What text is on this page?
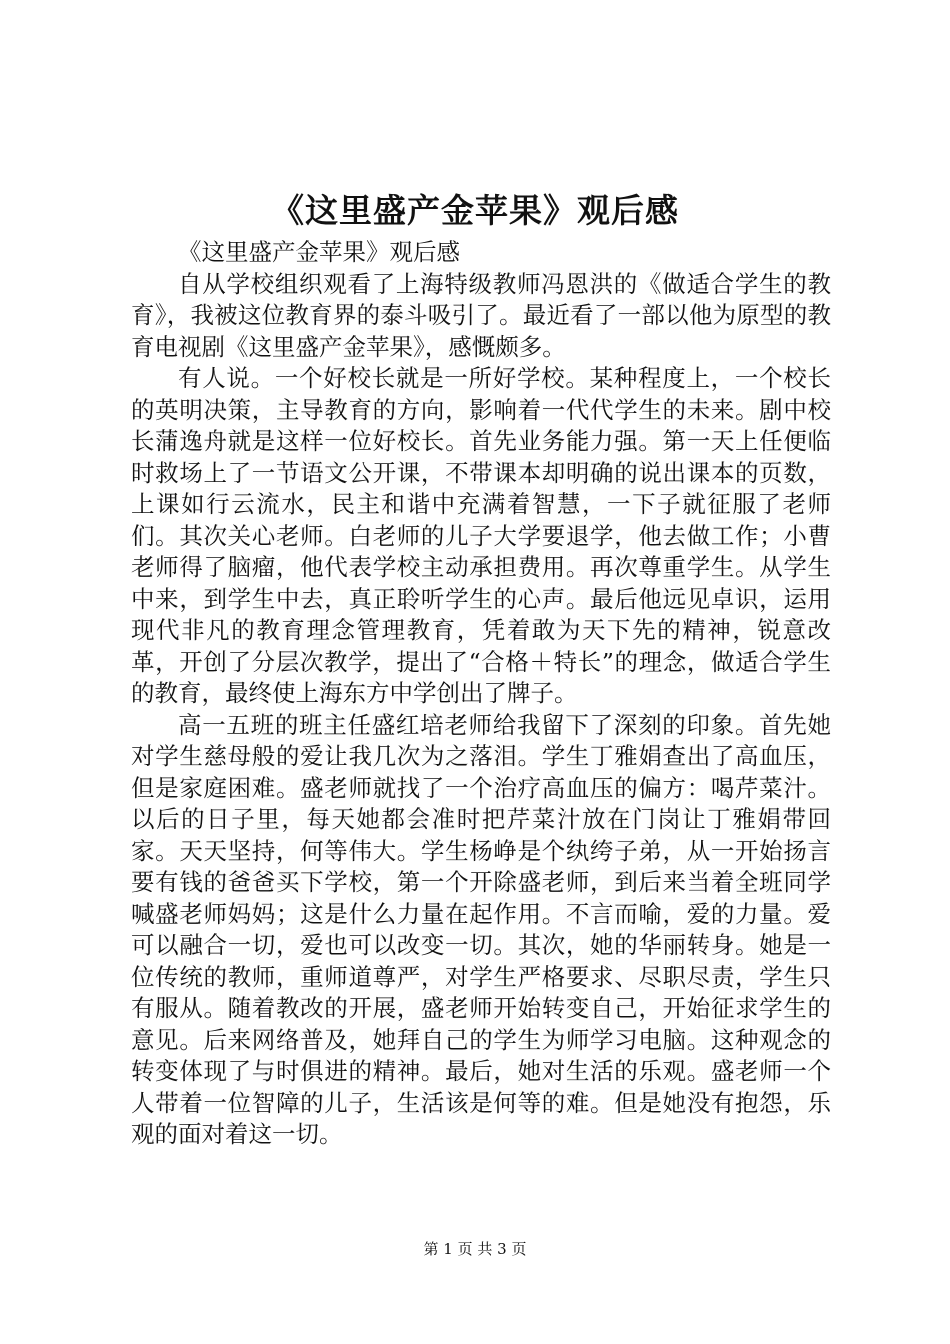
《这里盛产金苹果》观后感

《这里盛产金苹果》观后感

自从学校组织观看了上海特级教师冯恩洪的《做适合学生的教育》，我被这位教育界的泰斗吸引了。最近看了一部以他为原型的教育电视剧《这里盛产金苹果》，感慨颇多。

有人说。一个好校长就是一所好学校。某种程度上，一个校长的英明决策，主导教育的方向，影响着一代代学生的未来。剧中校长蒲逸舟就是这样一位好校长。首先业务能力强。第一天上任便临时救场上了一节语文公开课，不带课本却明确的说出课本的页数，上课如行云流水，民主和谐中充满着智慧，一下子就征服了老师们。其次关心老师。白老师的儿子大学要退学，他去做工作；小曹老师得了脑瘤，他代表学校主动承担费用。再次尊重学生。从学生中来，到学生中去，真正聆听学生的心声。最后他远见卓识，运用现代非凡的教育理念管理教育，凭着敢为天下先的精神，锐意改革，开创了分层次教学，提出了“合格＋特长”的理念，做适合学生的教育，最终使上海东方中学创出了牌子。

高一五班的班主任盛红培老师给我留下了深刻的印象。首先她对学生慈母般的爱让我几次为之落泪。学生丁雅娟查出了高血压，但是家庭困难。盛老师就找了一个治疗高血压的偏方：喝芹菜汁。以后的日子里，每天她都会准时把芹菜汁放在门岗让丁雅娟带回家。天天坚持，何等伟大。学生杨峥是个纨绔子弟，从一开始扬言要有钱的爸爸买下学校，第一个开除盛老师，到后来当着全班同学喊盛老师妈妈；这是什么力量在起作用。不言而喻，爱的力量。爱可以融合一切，爱也可以改变一切。其次，她的华丽转身。她是一位传统的教师，重师道尊严，对学生严格要求、尽职尽责，学生只有服从。随着教改的开展，盛老师开始转变自己，开始征求学生的意见。后来网络普及，她拜自己的学生为师学习电脑。这种观念的转变体现了与时俱进的精神。最后，她对生活的乐观。盛老师一个人带着一位智障的儿子，生活该是何等的难。但是她没有抱怨，乐观的面对着这一切。

第 1 页 共 3 页
